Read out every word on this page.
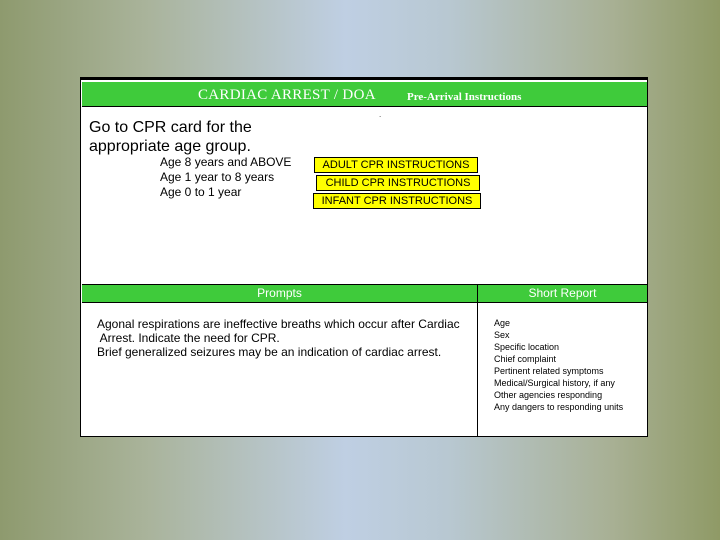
CARDIAC ARREST / DOA	Pre-Arrival Instructions
.
Go to CPR card for the appropriate age group.
Age 8 years and ABOVE
Age 1 year to 8 years
Age 0 to 1 year
ADULT CPR INSTRUCTIONS
CHILD CPR INSTRUCTIONS
INFANT CPR INSTRUCTIONS
Prompts	Short Report
Agonal respirations are ineffective breaths which occur after Cardiac
Arrest. Indicate the need for CPR.
Brief generalized seizures may be an indication of cardiac arrest.
Age
Sex
Specific location
Chief complaint
Pertinent related symptoms
Medical/Surgical history, if any
Other agencies responding
Any dangers to responding units
